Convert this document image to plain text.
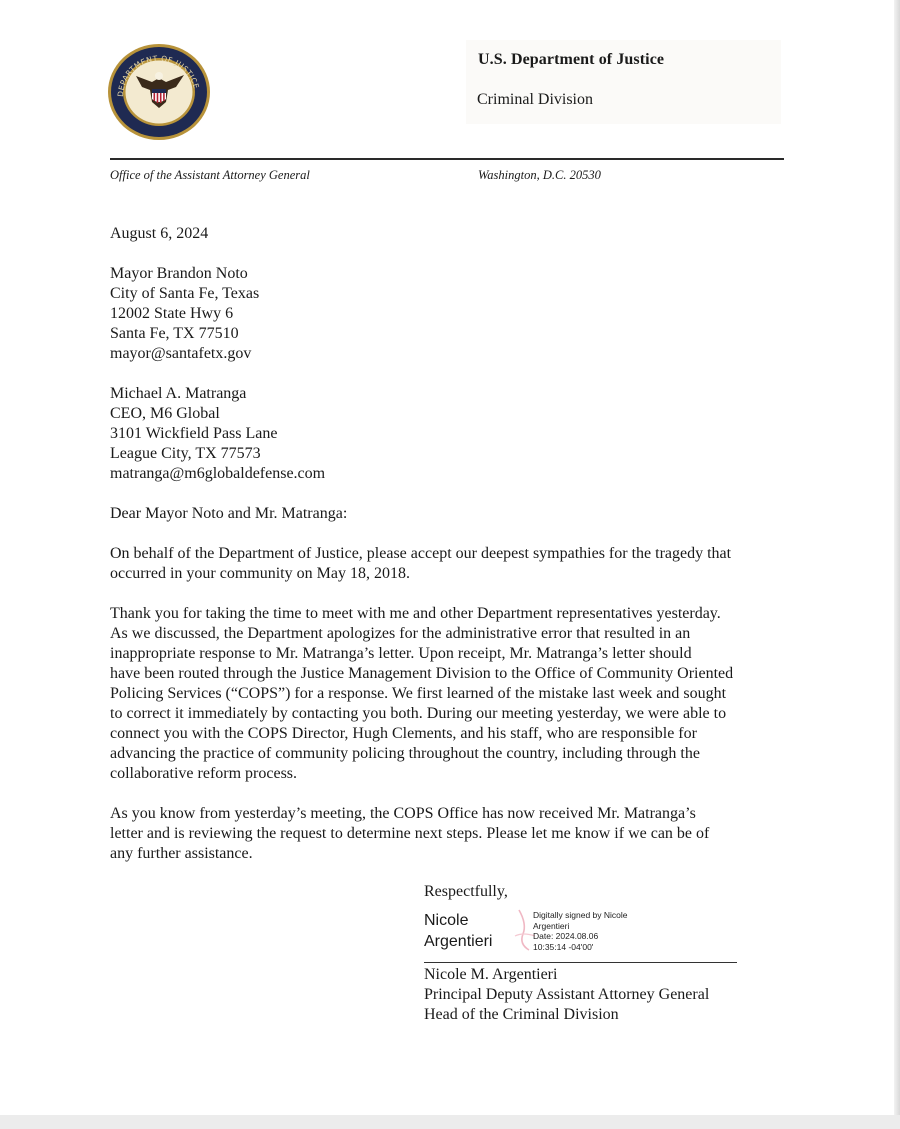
DEPARTMENT OF JUSTICE
★ ★ ★
U.S. Department of Justice
Criminal Division
Office of the Assistant Attorney General	Washington, D.C. 20530

August 6, 2024

Mayor Brandon Noto
City of Santa Fe, Texas
12002 State Hwy 6
Santa Fe, TX 77510
mayor@santafetx.gov
Michael A. Matranga
CEO, M6 Global
3101 Wickfield Pass Lane
League City, TX 77573
matranga@m6globaldefense.com

Dear Mayor Noto and Mr. Matranga:

On behalf of the Department of Justice, please accept our deepest sympathies for the tragedy that
occurred in your community on May 18, 2018.
Thank you for taking the time to meet with me and other Department representatives yesterday.
As we discussed, the Department apologizes for the administrative error that resulted in an
inappropriate response to Mr. Matranga’s letter. Upon receipt, Mr. Matranga’s letter should
have been routed through the Justice Management Division to the Office of Community Oriented
Policing Services (“COPS”) for a response. We first learned of the mistake last week and sought
to correct it immediately by contacting you both. During our meeting yesterday, we were able to
connect you with the COPS Director, Hugh Clements, and his staff, who are responsible for
advancing the practice of community policing throughout the country, including through the
collaborative reform process.
As you know from yesterday’s meeting, the COPS Office has now received Mr. Matranga’s
letter and is reviewing the request to determine next steps. Please let me know if we can be of
any further assistance.
Respectfully,
Nicole
Argentieri
Digitally signed by Nicole
Argentieri
Date: 2024.08.06
10:35:14 -04'00'
Nicole M. Argentieri
Principal Deputy Assistant Attorney General
Head of the Criminal Division
